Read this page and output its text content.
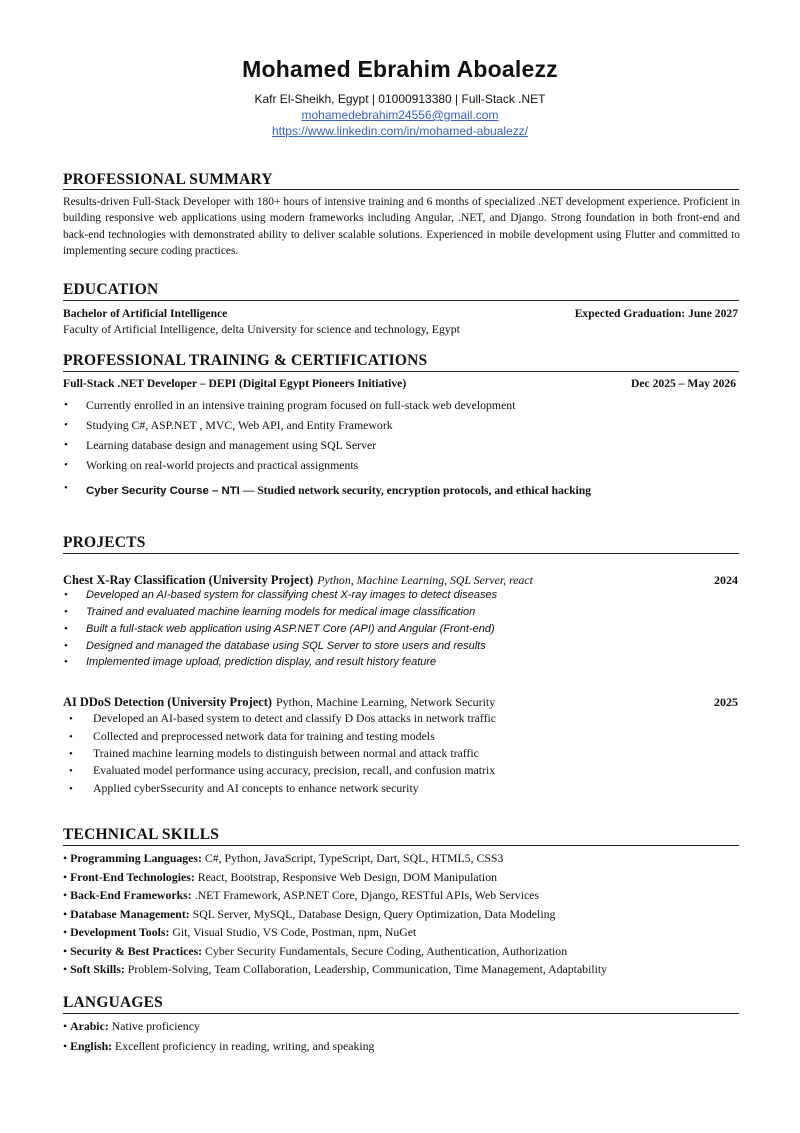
Mohamed Ebrahim Aboalezz
Kafr El-Sheikh, Egypt | 01000913380 | Full-Stack .NET
mohamedebrahim24556@gmail.com
https://www.linkedin.com/in/mohamed-abualezz/
PROFESSIONAL SUMMARY
Results-driven Full-Stack Developer with 180+ hours of intensive training and 6 months of specialized .NET development experience. Proficient in building responsive web applications using modern frameworks including Angular, .NET, and Django. Strong foundation in both front-end and back-end technologies with demonstrated ability to deliver scalable solutions. Experienced in mobile development using Flutter and committed to implementing secure coding practices.
EDUCATION
Bachelor of Artificial Intelligence	Expected Graduation: June 2027
Faculty of Artificial Intelligence, delta University for science and technology, Egypt
PROFESSIONAL TRAINING & CERTIFICATIONS
Full-Stack .NET Developer – DEPI (Digital Egypt Pioneers Initiative)	Dec 2025 – May 2026
• Currently enrolled in an intensive training program focused on full-stack web development
• Studying C#, ASP.NET , MVC, Web API, and Entity Framework
• Learning database design and management using SQL Server
• Working on real-world projects and practical assignments
• Cyber Security Course – NTI — Studied network security, encryption protocols, and ethical hacking
PROJECTS
Chest X-Ray Classification (University Project) Python, Machine Learning, SQL Server, react	2024
• Developed an AI-based system for classifying chest X-ray images to detect diseases
• Trained and evaluated machine learning models for medical image classification
• Built a full-stack web application using ASP.NET Core (API) and Angular (Front-end)
• Designed and managed the database using SQL Server to store users and results
• Implemented image upload, prediction display, and result history feature
AI DDoS Detection (University Project) Python, Machine Learning, Network Security	2025
• Developed an AI-based system to detect and classify D Dos attacks in network traffic
• Collected and preprocessed network data for training and testing models
• Trained machine learning models to distinguish between normal and attack traffic
• Evaluated model performance using accuracy, precision, recall, and confusion matrix
• Applied cyberSsecurity and AI concepts to enhance network security
TECHNICAL SKILLS
• Programming Languages: C#, Python, JavaScript, TypeScript, Dart, SQL, HTML5, CSS3
• Front-End Technologies: React, Bootstrap, Responsive Web Design, DOM Manipulation
• Back-End Frameworks: .NET Framework, ASP.NET Core, Django, RESTful APIs, Web Services
• Database Management: SQL Server, MySQL, Database Design, Query Optimization, Data Modeling
• Development Tools: Git, Visual Studio, VS Code, Postman, npm, NuGet
• Security & Best Practices: Cyber Security Fundamentals, Secure Coding, Authentication, Authorization
• Soft Skills: Problem-Solving, Team Collaboration, Leadership, Communication, Time Management, Adaptability
LANGUAGES
• Arabic: Native proficiency
• English: Excellent proficiency in reading, writing, and speaking
